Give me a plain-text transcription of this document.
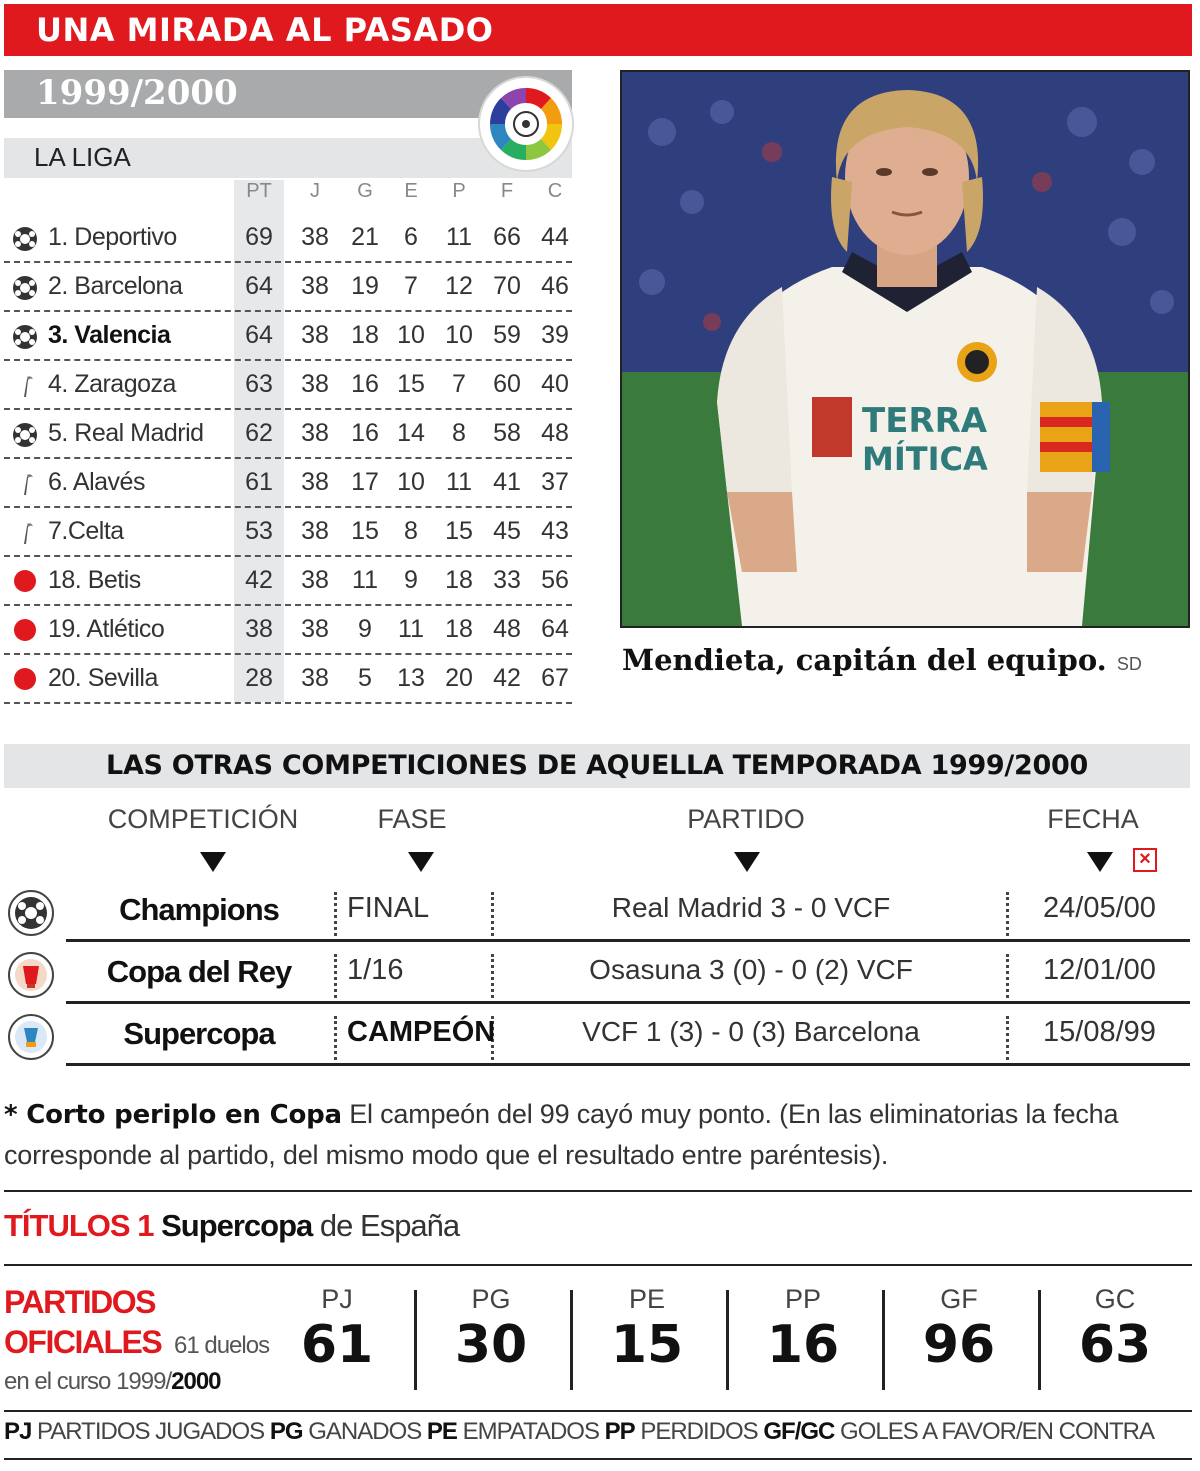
UNA MIRADA AL PASADO
1999/2000
LA LIGA
PT	J	G	E	P	F	C
1. Deportivo	69	38 21	6	11 66 44
2. Barcelona	64	38 19	7	12 70 46
3. Valencia	64	38 18 10 10 59 39
4. Zaragoza	63	38 16 15	7	60 40
5. Real Madrid	62	38 16 14	8	58 48
6. Alavés	61	38 17 10 11 41 37
7.Celta	53	38 15	8	15 45 43
18. Betis	42	38 11	9	18 33 56
19. Atlético	38	38	9	11 18 48 64
20. Sevilla	28	38	5	13 20 42 67
TERRA
MÍTICA
Mendieta, capitán del equipo. SD
LAS OTRAS COMPETICIONES DE AQUELLA TEMPORADA 1999/2000
COMPETICIÓN	FASE	PARTIDO	FECHA
×
Champions	FINAL	Real Madrid 3 - 0 VCF	24/05/00
Copa del Rey	1/16	Osasuna 3 (0) - 0 (2) VCF	12/01/00
Supercopa	CAMPEÓN	VCF 1 (3) - 0 (3) Barcelona	15/08/99
* Corto periplo en Copa El campeón del 99 cayó muy ponto. (En las eliminatorias la fecha corresponde al partido, del mismo modo que el resultado entre paréntesis).
TÍTULOS 1 Supercopa de España
PARTIDOS
OFICIALES 61 duelos
en el curso 1999/2000
PJ
61
PG
30
PE
15
PP
16
GF
96
GC
63
PJ PARTIDOS JUGADOS PG GANADOS PE EMPATADOS PP PERDIDOS GF/GC GOLES A FAVOR/EN CONTRA
